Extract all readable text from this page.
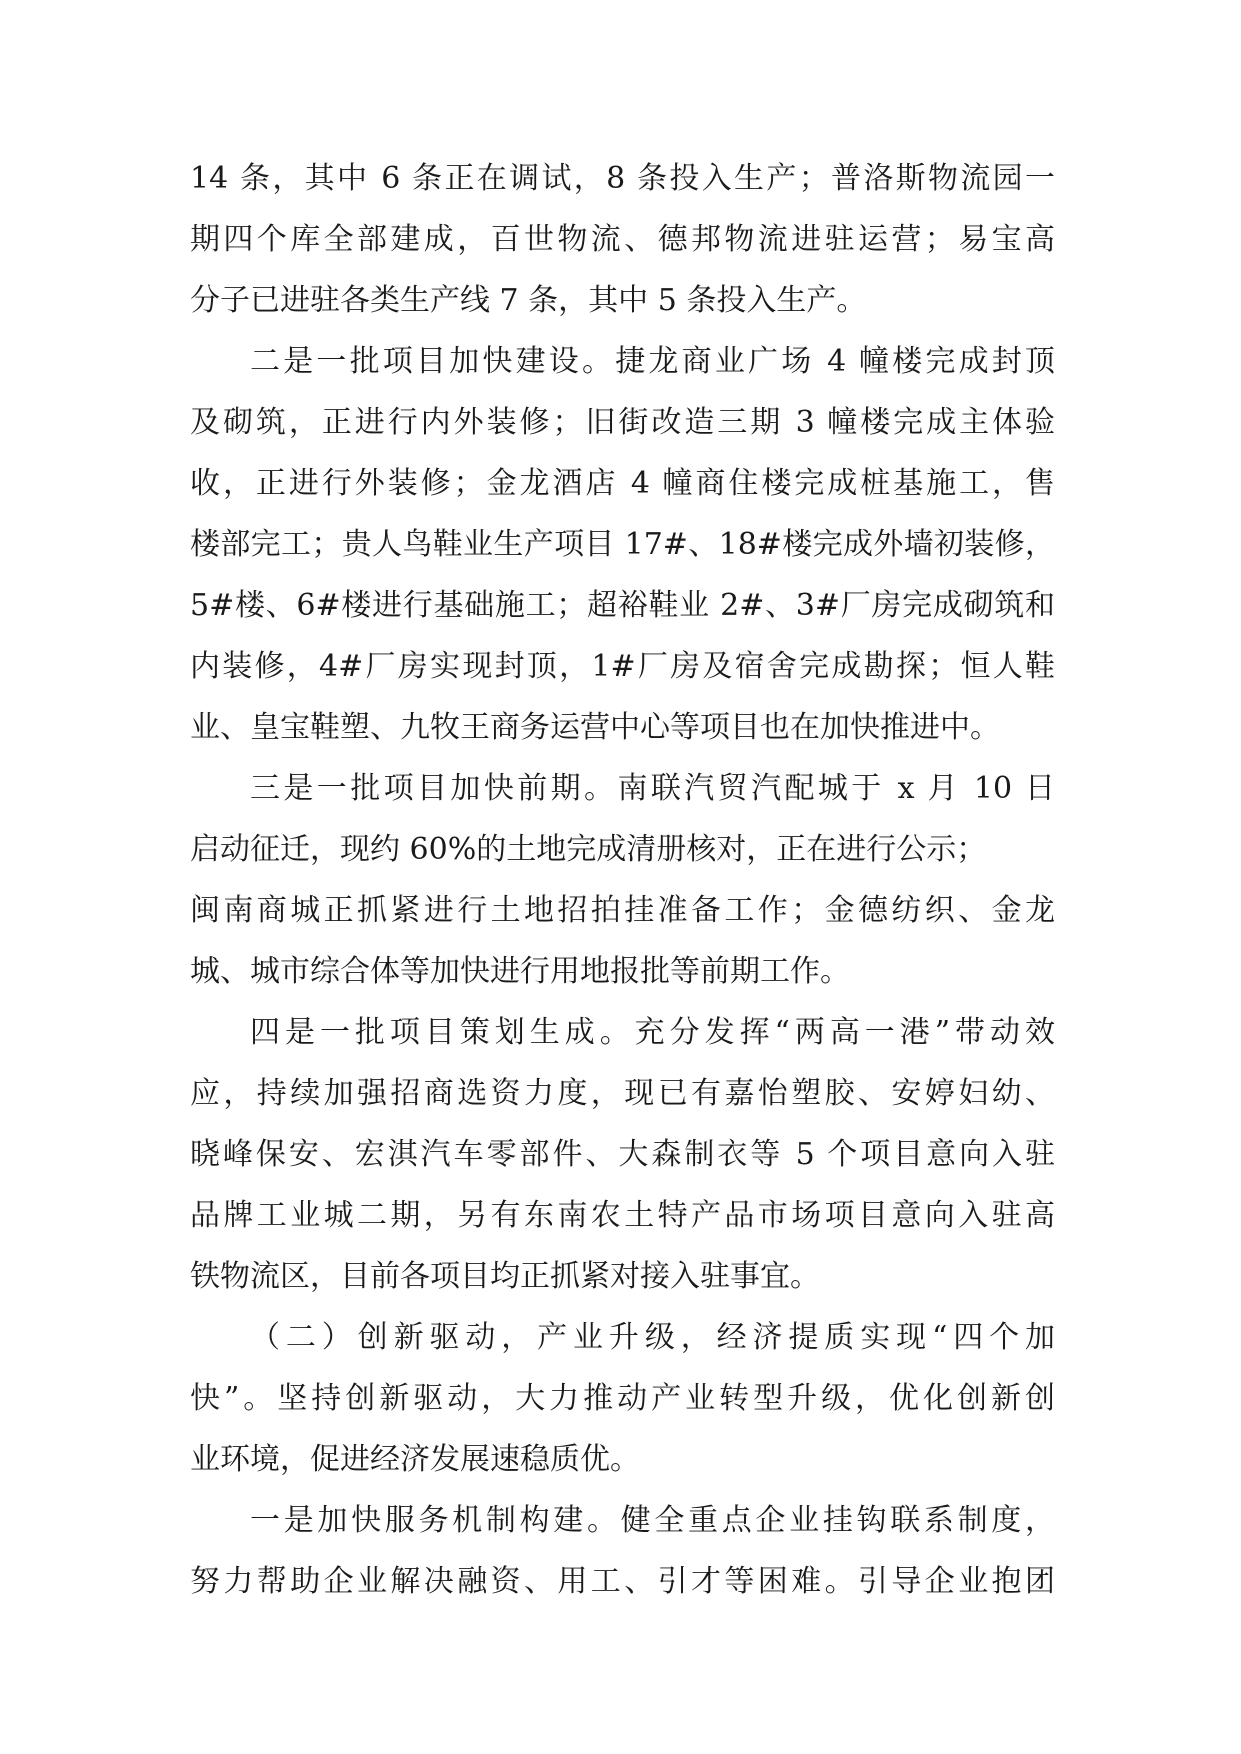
14 条，其中 6 条正在调试，8 条投入生产；普洛斯物流园一
期四个库全部建成，百世物流、德邦物流进驻运营；易宝高
分子已进驻各类生产线 7 条，其中 5 条投入生产。
二是一批项目加快建设。捷龙商业广场 4 幢楼完成封顶
及砌筑，正进行内外装修；旧街改造三期 3 幢楼完成主体验
收，正进行外装修；金龙酒店 4 幢商住楼完成桩基施工，售
楼部完工；贵人鸟鞋业生产项目 17#、18#楼完成外墙初装修，
5#楼、6#楼进行基础施工；超裕鞋业 2#、3#厂房完成砌筑和
内装修，4#厂房实现封顶，1#厂房及宿舍完成勘探；恒人鞋
业、皇宝鞋塑、九牧王商务运营中心等项目也在加快推进中。
三是一批项目加快前期。南联汽贸汽配城于 x 月 10 日
启动征迁，现约 60%的土地完成清册核对，正在进行公示；
闽南商城正抓紧进行土地招拍挂准备工作；金德纺织、金龙
城、城市综合体等加快进行用地报批等前期工作。
四是一批项目策划生成。充分发挥“两高一港”带动效
应，持续加强招商选资力度，现已有嘉怡塑胶、安婷妇幼、
晓峰保安、宏淇汽车零部件、大森制衣等 5 个项目意向入驻
品牌工业城二期，另有东南农土特产品市场项目意向入驻高
铁物流区，目前各项目均正抓紧对接入驻事宜。
（二）创新驱动，产业升级，经济提质实现“四个加
快”。坚持创新驱动，大力推动产业转型升级，优化创新创
业环境，促进经济发展速稳质优。
一是加快服务机制构建。健全重点企业挂钩联系制度，
努力帮助企业解决融资、用工、引才等困难。引导企业抱团
